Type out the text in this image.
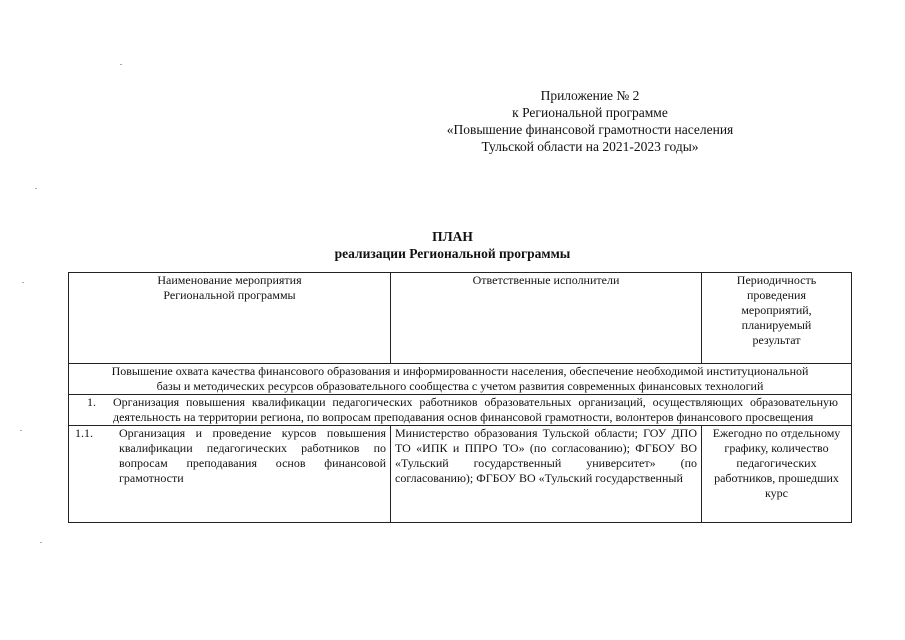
Приложение № 2
к Региональной программе
«Повышение финансовой грамотности населения
Тульской области на 2021-2023 годы»
ПЛАН
реализации Региональной программы
Наименование мероприятия Региональной программы	Ответственные исполнители	Периодичность проведения мероприятий, планируемый результат

Повышение охвата качества финансового образования и информированности населения, обеспечение необходимой институциональной базы и методических ресурсов образовательного сообщества с учетом развития современных финансовых технологий		

1. Организация повышения квалификации педагогических работников образовательных организаций, осуществляющих образовательную деятельность на территории региона, по вопросам преподавания основ финансовой грамотности, волонтеров финансового просвещения		

1.1. Организация и проведение курсов повышения квалификации педагогических работников по вопросам преподавания основ финансовой грамотности	Министерство образования Тульской области; ГОУ ДПО ТО «ИПК и ППРО ТО» (по согласованию); ФГБОУ ВО «Тульский государственный университет» (по согласованию); ФГБОУ ВО «Тульский государственный	Ежегодно по отдельному графику, количество педагогических работников, прошедших курс
